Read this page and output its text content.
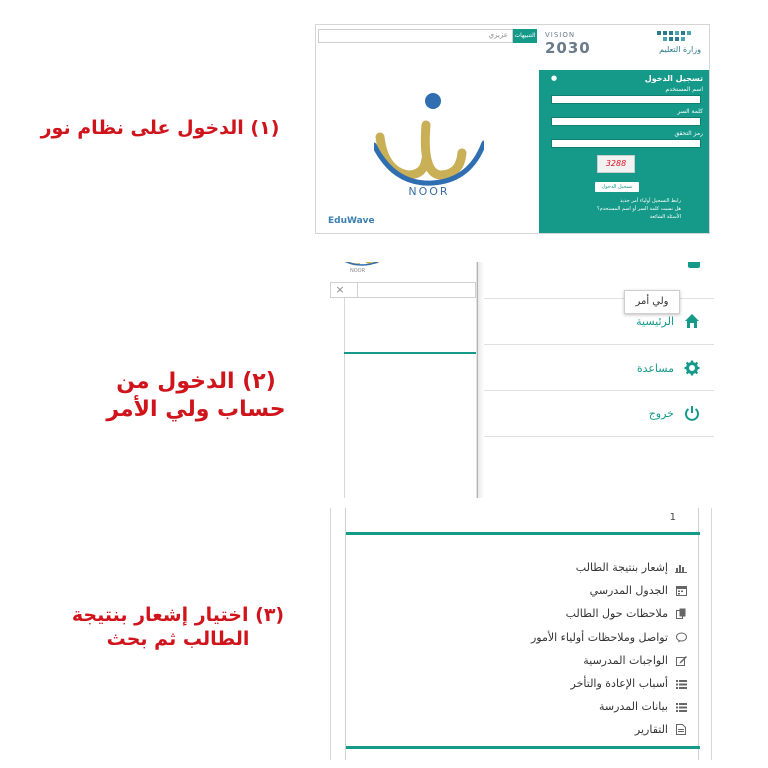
(١) الدخول على نظام نور
(٢) الدخول من
حساب ولي الأمر
(٣) اختيار إشعار بنتيجة
الطالب ثم بحث
عزيزي	التنبيهات
NOOR
EduWave
VISION
2030	وزارة التعليم
تسجيل الدخول
●
اسم المستخدم
كلمة السر
رمز التحقق
3288
تسجيل الدخول
رابط التسجيل أولياء أمر جديد
هل نسيت كلمة السر أو اسم المستخدم؟
الأسئلة الشائعة
NOOR
×
الرئيسية
مساعدة
خروج
ولي أمر
1
إشعار بنتيجة الطالب
الجدول المدرسي
ملاحظات حول الطالب
تواصل وملاحظات أولياء الأمور
الواجبات المدرسية
أسباب الإعادة والتأخر
بيانات المدرسة
التقارير
